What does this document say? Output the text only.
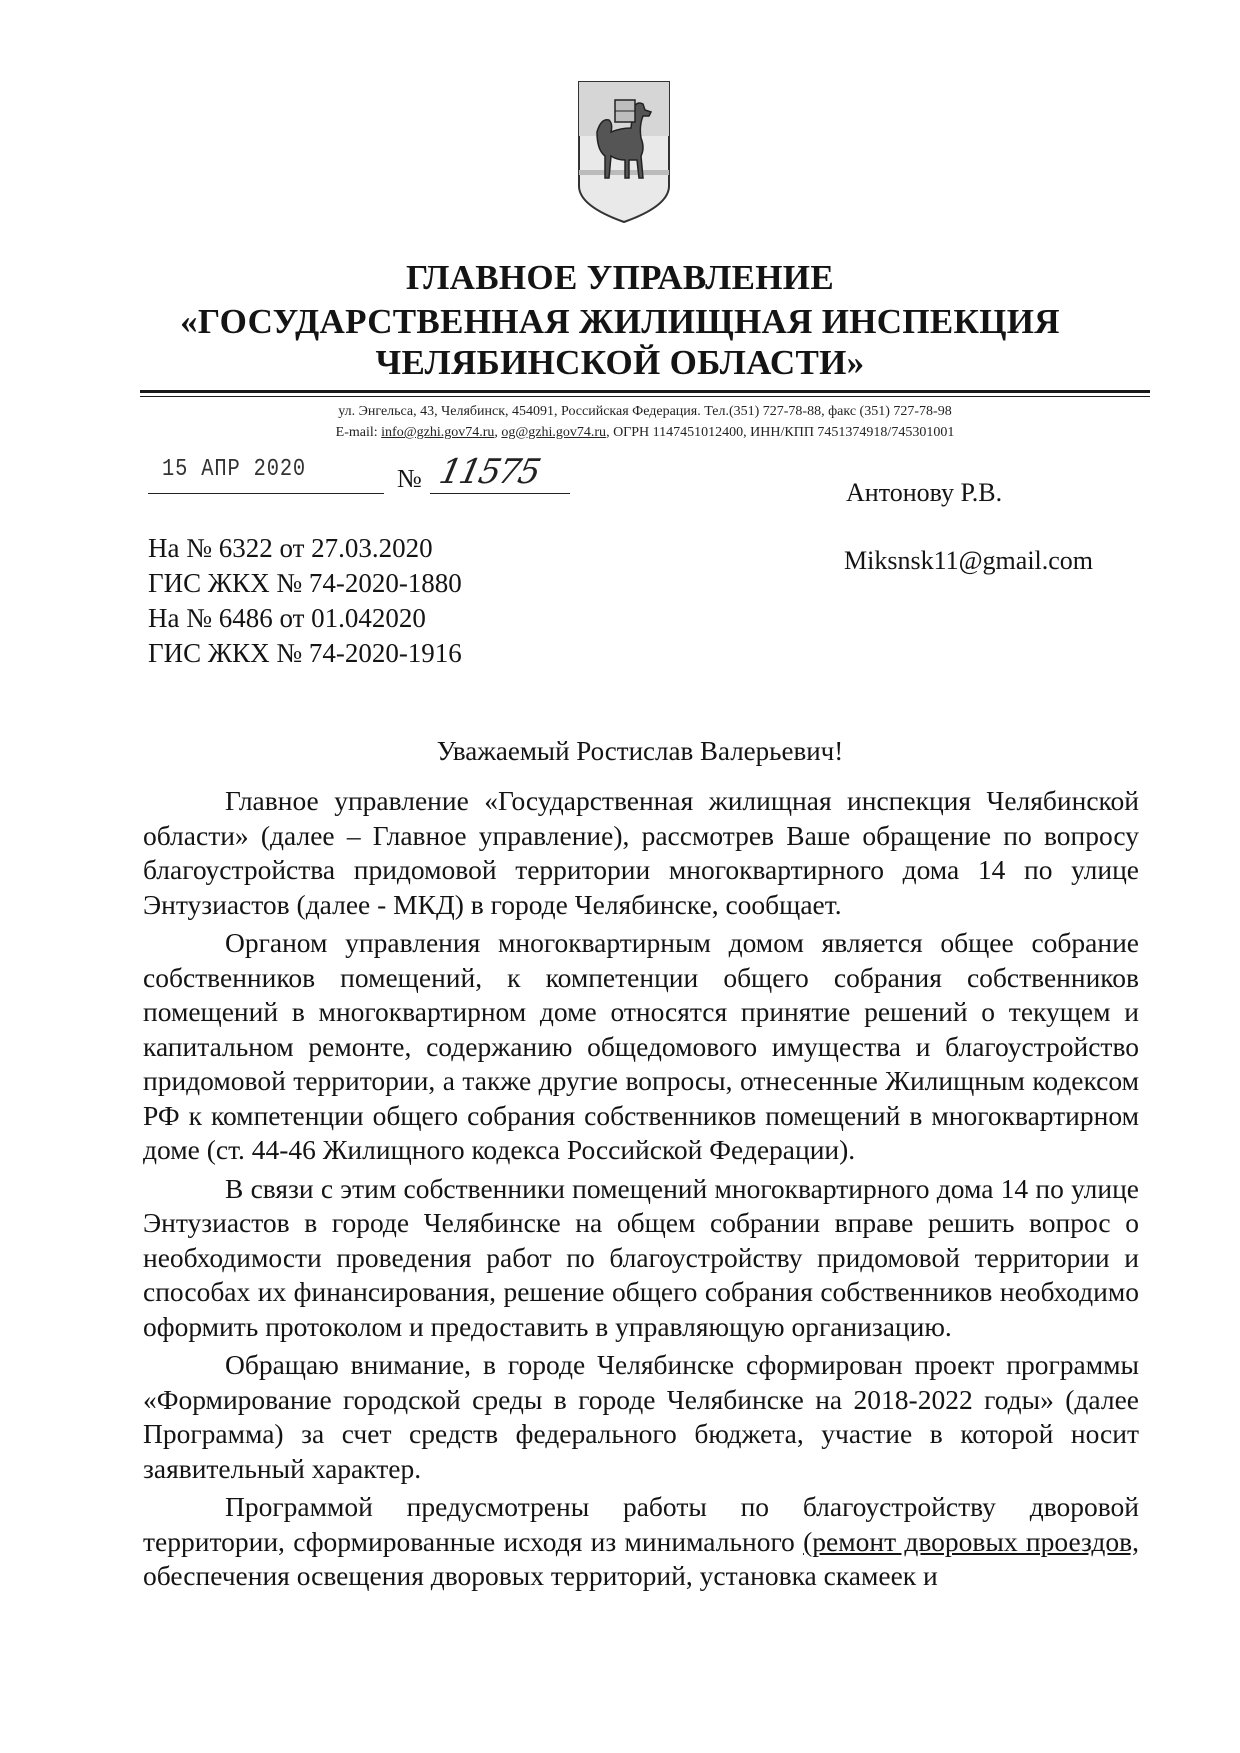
ГЛАВНОЕ УПРАВЛЕНИЕ
«ГОСУДАРСТВЕННАЯ ЖИЛИЩНАЯ ИНСПЕКЦИЯ
ЧЕЛЯБИНСКОЙ ОБЛАСТИ»
ул. Энгельса, 43, Челябинск, 454091, Российская Федерация. Тел.(351) 727-78-88, факс (351) 727-78-98
E-mail: info@gzhi.gov74.ru, og@gzhi.gov74.ru, ОГРН 1147451012400, ИНН/КПП 7451374918/745301001
15 АПР 2020	№ 11575
Антонову Р.В.
Miksnsk11@gmail.com
На № 6322 от 27.03.2020
ГИС ЖКХ № 74-2020-1880
На № 6486 от 01.042020
ГИС ЖКХ № 74-2020-1916
Уважаемый Ростислав Валерьевич!

Главное управление «Государственная жилищная инспекция Челябинской области» (далее – Главное управление), рассмотрев Ваше обращение по вопросу благоустройства придомовой территории многоквартирного дома 14 по улице Энтузиастов (далее - МКД) в городе Челябинске, сообщает.

Органом управления многоквартирным домом является общее собрание собственников помещений, к компетенции общего собрания собственников помещений в многоквартирном доме относятся принятие решений о текущем и капитальном ремонте, содержанию общедомового имущества и благоустройство придомовой территории, а также другие вопросы, отнесенные Жилищным кодексом РФ к компетенции общего собрания собственников помещений в многоквартирном доме (ст. 44-46 Жилищного кодекса Российской Федерации).

В связи с этим собственники помещений многоквартирного дома 14 по улице Энтузиастов в городе Челябинске на общем собрании вправе решить вопрос о необходимости проведения работ по благоустройству придомовой территории и способах их финансирования, решение общего собрания собственников необходимо оформить протоколом и предоставить в управляющую организацию.

Обращаю внимание, в городе Челябинске сформирован проект программы «Формирование городской среды в городе Челябинске на 2018-2022 годы» (далее Программа) за счет средств федерального бюджета, участие в которой носит заявительный характер.

Программой предусмотрены работы по благоустройству дворовой территории, сформированные исходя из минимального (ремонт дворовых проездов, обеспечения освещения дворовых территорий, установка скамеек и
